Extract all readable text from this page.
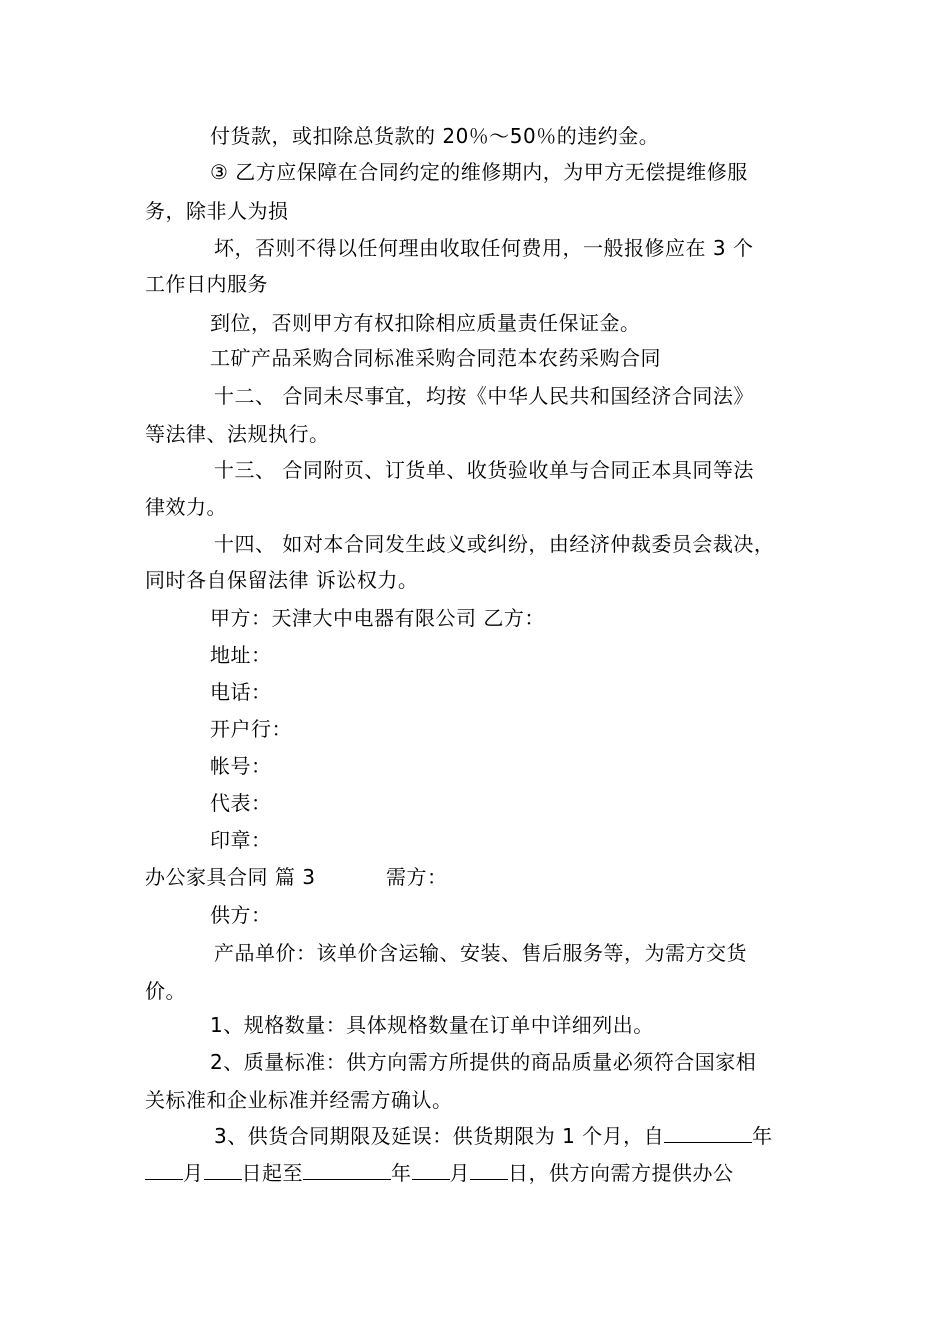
付货款，或扣除总货款的 20％～50％的违约金。
③ 乙方应保障在合同约定的维修期内，为甲方无偿提维修服
务，除非人为损
坏，否则不得以任何理由收取任何费用，一般报修应在 3 个
工作日内服务
到位，否则甲方有权扣除相应质量责任保证金。
工矿产品采购合同标准采购合同范本农药采购合同
十二、 合同未尽事宜，均按《中华人民共和国经济合同法》
等法律、法规执行。
十三、 合同附页、订货单、收货验收单与合同正本具同等法
律效力。
十四、 如对本合同发生歧义或纠纷，由经济仲裁委员会裁决，
同时各自保留法律 诉讼权力。
甲方：天津大中电器有限公司 乙方：
地址：
电话：
开户行：
帐号：
代表：
印章：
办公家具合同 篇 3	需方：
供方：
产品单价：该单价含运输、安装、售后服务等，为需方交货
价。
1、规格数量：具体规格数量在订单中详细列出。
2、质量标准：供方向需方所提供的商品质量必须符合国家相
关标准和企业标准并经需方确认。
3、供货合同期限及延误：供货期限为 1 个月，自	年
月 日起至	年 月 日，供方向需方提供办公
